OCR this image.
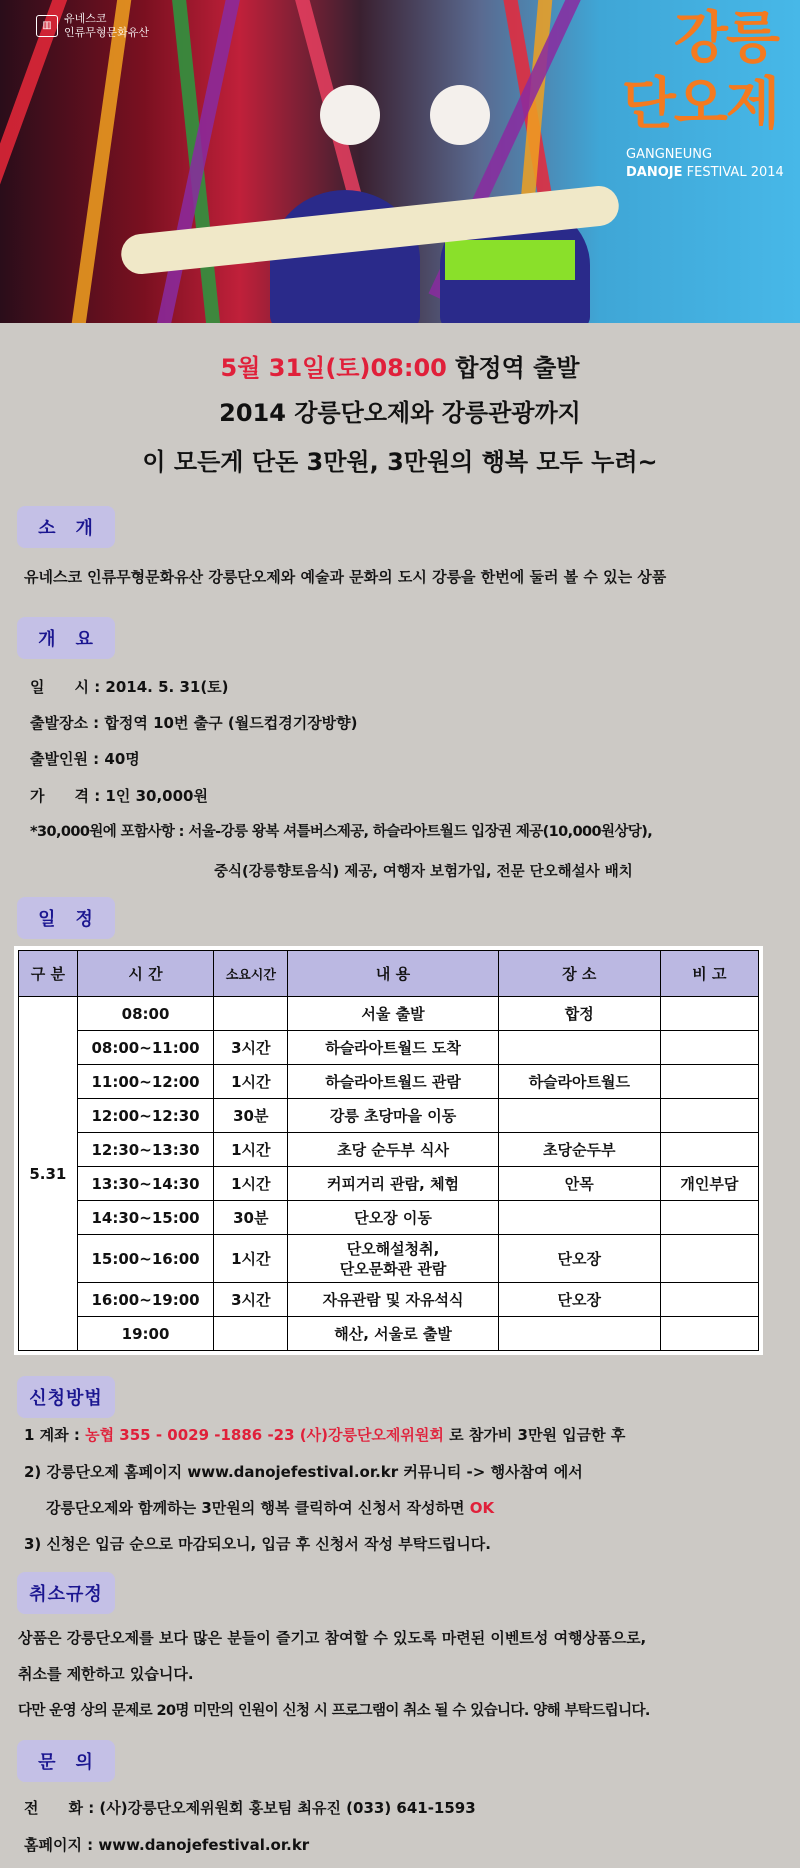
▥
유네스코
인류무형문화유산	강릉
단오제
GANGNEUNG
DANOJE FESTIVAL 2014
5월 31일(토)08:00 합정역 출발
2014 강릉단오제와 강릉관광까지
이 모든게 단돈 3만원, 3만원의 행복 모두 누려~
소　개
유네스코 인류무형문화유산 강릉단오제와 예술과 문화의 도시 강릉을 한번에 둘러 볼 수 있는 상품
개　요
일　　시 : 2014. 5. 31(토)
출발장소 : 합정역 10번 출구 (월드컵경기장방향)
출발인원 : 40명
가　　격 : 1인 30,000원
*30,000원에 포함사항 : 서울-강릉 왕복 셔틀버스제공, 하슬라아트월드 입장권 제공(10,000원상당),
중식(강릉향토음식) 제공, 여행자 보험가입, 전문 단오해설사 배치
일　정
구 분	시 간	소요시간	내 용	장 소	비 고
5.31	08:00		서울 출발	합정	
	08:00~11:00	3시간	하슬라아트월드 도착		
	11:00~12:00	1시간	하슬라아트월드 관람	하슬라아트월드	
	12:00~12:30	30분	강릉 초당마을 이동		
	12:30~13:30	1시간	초당 순두부 식사	초당순두부	
	13:30~14:30	1시간	커피거리 관람, 체험	안목	개인부담
	14:30~15:00	30분	단오장 이동		
	15:00~16:00	1시간	단오해설청취,
단오문화관 관람	단오장	
	16:00~19:00	3시간	자유관람 및 자유석식	단오장	
	19:00		해산, 서울로 출발		
신청방법
1 계좌 : 농협 355 - 0029 -1886 -23 (사)강릉단오제위원회 로 참가비 3만원 입금한 후
2) 강릉단오제 홈페이지 www.danojefestival.or.kr 커뮤니티 -> 행사참여 에서
강릉단오제와 함께하는 3만원의 행복 클릭하여 신청서 작성하면 OK
3) 신청은 입금 순으로 마감되오니, 입금 후 신청서 작성 부탁드립니다.
취소규정
상품은 강릉단오제를 보다 많은 분들이 즐기고 참여할 수 있도록 마련된 이벤트성 여행상품으로,
취소를 제한하고 있습니다.
다만 운영 상의 문제로 20명 미만의 인원이 신청 시 프로그램이 취소 될 수 있습니다. 양해 부탁드립니다.
문　의
전　　화 : (사)강릉단오제위원회 홍보팀 최유진 (033) 641-1593
홈페이지 : www.danojefestival.or.kr
